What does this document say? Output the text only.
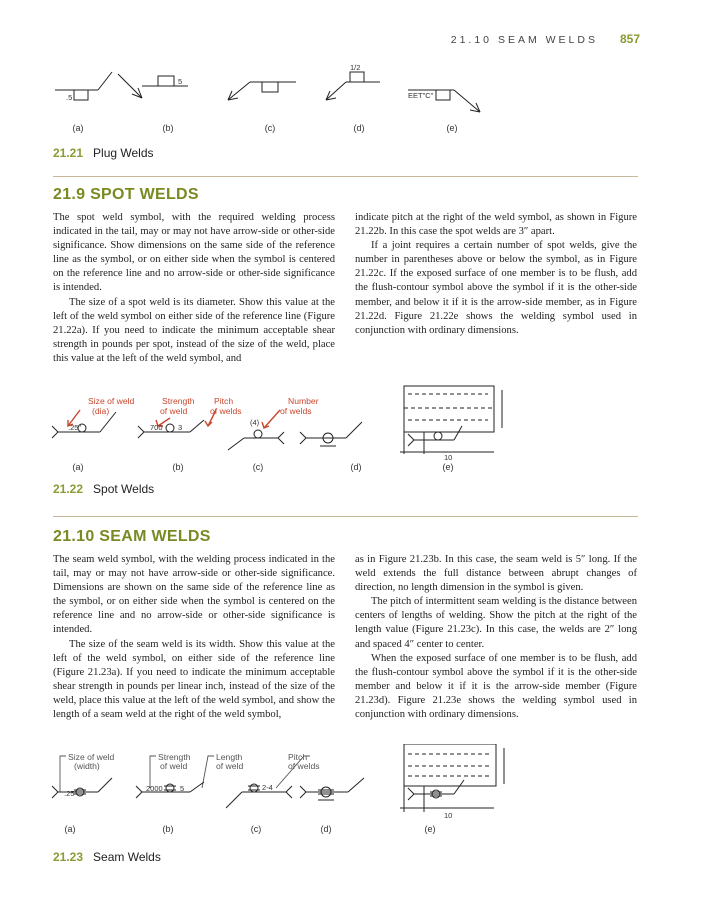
21.10 SEAM WELDS 857
.5
5
1/2
EET"C"
(a)	(b)	(c)	(d)	(e)
21.21 Plug Welds
21.9 SPOT WELDS

The spot weld symbol, with the required welding process indicated in the tail, may or may not have arrow-side or other-side significance. Show dimensions on the same side of the reference line as the symbol, or on either side when the symbol is centered on the reference line and no arrow-side or other-side significance is intended.

The size of a spot weld is its diameter. Show this value at the left of the weld symbol on either side of the reference line (Figure 21.22a). If you need to indicate the minimum acceptable shear strength in pounds per spot, instead of the size of the weld, place this value at the left of the weld symbol, and

indicate pitch at the right of the weld symbol, as shown in Figure 21.22b. In this case the spot welds are 3″ apart.

If a joint requires a certain number of spot welds, give the number in parentheses above or below the symbol, as in Figure 21.22c. If the exposed surface of one member is to be flush, add the flush-contour symbol above the symbol if it is the other-side member, and below it if it is the arrow-side member, as in Figure 21.22d. Figure 21.22e shows the welding symbol used in conjunction with ordinary dimensions.

Size of weld
(dia)
Strength
of weld
Pitch
of welds
Number
of welds
.25"	700 3
(4)
10
(a)	(b)	(c)	(d)	(e)
21.22 Spot Welds
21.10 SEAM WELDS

The seam weld symbol, with the welding process indicated in the tail, may or may not have arrow-side or other-side significance. Dimensions are shown on the same side of the reference line as the symbol, or on either side when the symbol is centered on the reference line and no arrow-side or other-side significance is intended.

The size of the seam weld is its width. Show this value at the left of the weld symbol, on either side of the reference line (Figure 21.23a). If you need to indicate the minimum acceptable shear strength in pounds per linear inch, instead of the size of the weld, place this value at the left of the weld symbol, and show the length of a seam weld at the right of the weld symbol,

as in Figure 21.23b. In this case, the seam weld is 5″ long. If the weld extends the full distance between abrupt changes of direction, no length dimension in the symbol is given.

The pitch of intermittent seam welding is the distance between centers of lengths of welding. Show the pitch at the right of the length value (Figure 21.23c). In this case, the welds are 2″ long and spaced 4″ center to center.

When the exposed surface of one member is to be flush, add the flush-contour symbol above the symbol if it is the other-side member and below it if it is the arrow-side member (Figure 21.23d). Figure 21.23e shows the welding symbol used in conjunction with ordinary dimensions.

Size of weld
(width)
Strength
of weld
Length
of weld
Pitch
of welds
.25"
2000 5	2-4
10
(a)	(b)	(c)	(d)	(e)
21.23 Seam Welds
